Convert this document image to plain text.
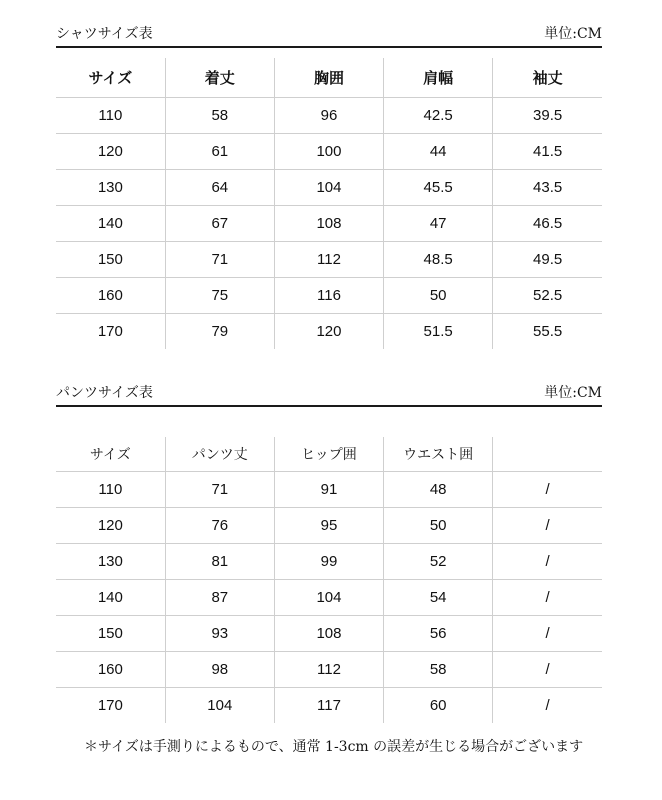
シャツサイズ表	単位:CM
サイズ	着丈	胸囲	肩幅	袖丈
110	58	96	42.5	39.5
120	61	100	44	41.5
130	64	104	45.5	43.5
140	67	108	47	46.5
150	71	112	48.5	49.5
160	75	116	50	52.5
170	79	120	51.5	55.5
パンツサイズ表	単位:CM
サイズ	パンツ丈	ヒップ囲	ウエスト囲	
110	71	91	48	/
120	76	95	50	/
130	81	99	52	/
140	87	104	54	/
150	93	108	56	/
160	98	112	58	/
170	104	117	60	/
＊サイズは手測りによるもので、通常 1-3cm の誤差が生じる場合がございます
